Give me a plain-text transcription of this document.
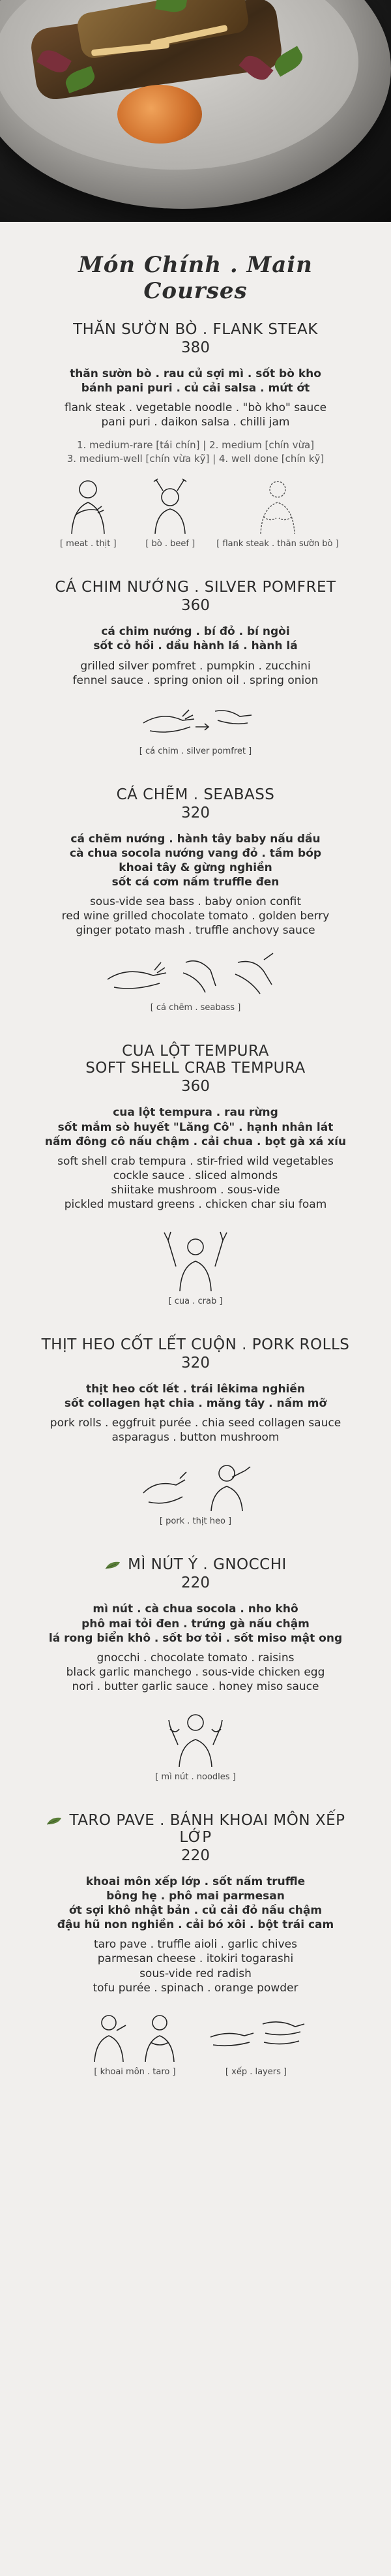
Món Chính . Main Courses
THĂN SƯỜN BÒ . FLANK STEAK
380
thăn sườn bò . rau củ sợi mì . sốt bò kho
bánh pani puri . củ cải salsa . mứt ớt
flank steak . vegetable noodle . "bò kho" sauce
pani puri . daikon salsa . chilli jam
1. medium-rare [tái chín] | 2. medium [chín vừa]
3. medium-well [chín vừa kỹ] | 4. well done [chín kỹ]
[ meat . thịt ]	[ bò . beef ]	[ flank steak . thăn sườn bò ]
CÁ CHIM NƯỚNG . SILVER POMFRET
360
cá chim nướng . bí đỏ . bí ngòi
sốt cỏ hồi . dầu hành lá . hành lá
grilled silver pomfret . pumpkin . zucchini
fennel sauce . spring onion oil . spring onion
[ cá chim . silver pomfret ]
CÁ CHẼM . SEABASS
320
cá chẽm nướng . hành tây baby nấu dầu
cà chua socola nướng vang đỏ . tầm bóp
khoai tây & gừng nghiền
sốt cá cơm nấm truffle đen
sous-vide sea bass . baby onion confit
red wine grilled chocolate tomato . golden berry
ginger potato mash . truffle anchovy sauce
[ cá chẽm . seabass ]
CUA LỘT TEMPURA
SOFT SHELL CRAB TEMPURA
360
cua lột tempura . rau rừng
sốt mắm sò huyết "Lăng Cô" . hạnh nhân lát
nấm đông cô nấu chậm . cải chua . bọt gà xá xíu
soft shell crab tempura . stir-fried wild vegetables
cockle sauce . sliced almonds
shiitake mushroom . sous-vide
pickled mustard greens . chicken char siu foam
[ cua . crab ]
THỊT HEO CỐT LẾT CUỘN . PORK ROLLS
320
thịt heo cốt lết . trái lêkima nghiền
sốt collagen hạt chia . măng tây . nấm mỡ
pork rolls . eggfruit purée . chia seed collagen sauce
asparagus . button mushroom
[ pork . thịt heo ]
MÌ NÚT Ý . GNOCCHI
220
mì nút . cà chua socola . nho khô
phô mai tỏi đen . trứng gà nấu chậm
lá rong biển khô . sốt bơ tỏi . sốt miso mật ong
gnocchi . chocolate tomato . raisins
black garlic manchego . sous-vide chicken egg
nori . butter garlic sauce . honey miso sauce
[ mì nút . noodles ]
TARO PAVE . BÁNH KHOAI MÔN XẾP LỚP
220
khoai môn xếp lớp . sốt nấm truffle
bông hẹ . phô mai parmesan
ớt sợi khô nhật bản . củ cải đỏ nấu chậm
đậu hũ non nghiền . cải bó xôi . bột trái cam
taro pave . truffle aioli . garlic chives
parmesan cheese . itokiri togarashi
sous-vide red radish
tofu purée . spinach . orange powder
[ khoai môn . taro ]	[ xếp . layers ]
